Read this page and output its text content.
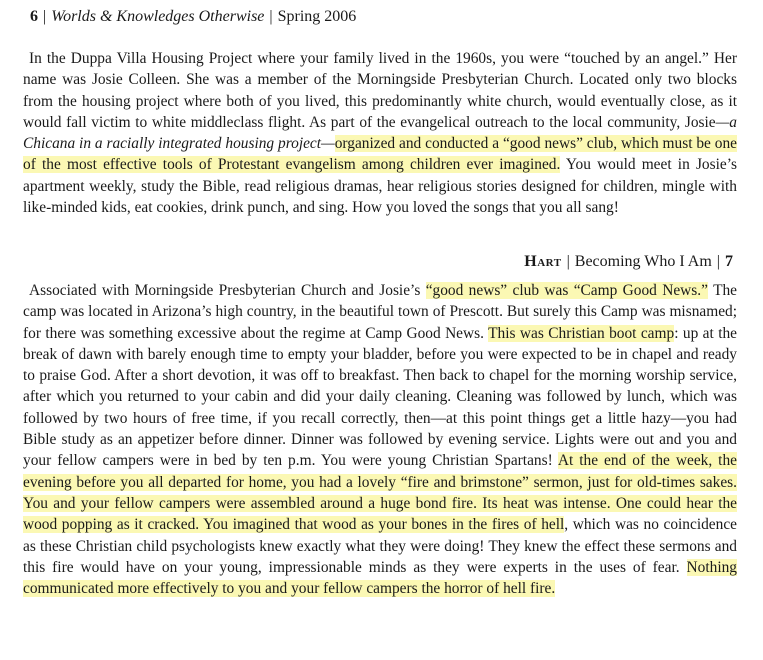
6 | Worlds & Knowledges Otherwise | Spring 2006

In the Duppa Villa Housing Project where your family lived in the 1960s, you were “touched by an angel.” Her name was Josie Colleen. She was a member of the Morningside Presbyterian Church. Located only two blocks from the housing project where both of you lived, this predominantly white church, would eventually close, as it would fall victim to white middleclass flight. As part of the evangelical outreach to the local community, Josie—a Chicana in a racially integrated housing project—organized and conducted a “good news” club, which must be one of the most effective tools of Protestant evangelism among children ever imagined. You would meet in Josie’s apartment weekly, study the Bible, read religious dramas, hear religious stories designed for children, mingle with like-minded kids, eat cookies, drink punch, and sing. How you loved the songs that you all sang!

Hart | Becoming Who I Am | 7

Associated with Morningside Presbyterian Church and Josie’s “good news” club was “Camp Good News.” The camp was located in Arizona’s high country, in the beautiful town of Prescott. But surely this Camp was misnamed; for there was something excessive about the regime at Camp Good News. This was Christian boot camp: up at the break of dawn with barely enough time to empty your bladder, before you were expected to be in chapel and ready to praise God. After a short devotion, it was off to breakfast. Then back to chapel for the morning worship service, after which you returned to your cabin and did your daily cleaning. Cleaning was followed by lunch, which was followed by two hours of free time, if you recall correctly, then—at this point things get a little hazy—you had Bible study as an appetizer before dinner. Dinner was followed by evening service. Lights were out and you and your fellow campers were in bed by ten p.m. You were young Christian Spartans! At the end of the week, the evening before you all departed for home, you had a lovely “fire and brimstone” sermon, just for old-times sakes. You and your fellow campers were assembled around a huge bond fire. Its heat was intense. One could hear the wood popping as it cracked. You imagined that wood as your bones in the fires of hell, which was no coincidence as these Christian child psychologists knew exactly what they were doing! They knew the effect these sermons and this fire would have on your young, impressionable minds as they were experts in the uses of fear. Nothing communicated more effectively to you and your fellow campers the horror of hell fire.
